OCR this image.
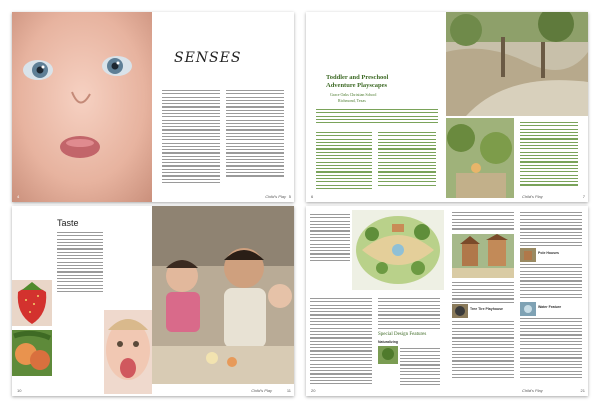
SENSES
Child's Play
4	5
Toddler and Preschool
Adventure Playscapes
Grace Oaks Christian School
Richmond, Texas
6	Child's Play	7
Taste
10	Child's Play	11
Special Design Features
Naturalizing
20
Tree Tire Playhouse
Pole Houses
Water Feature
Child's Play	21
